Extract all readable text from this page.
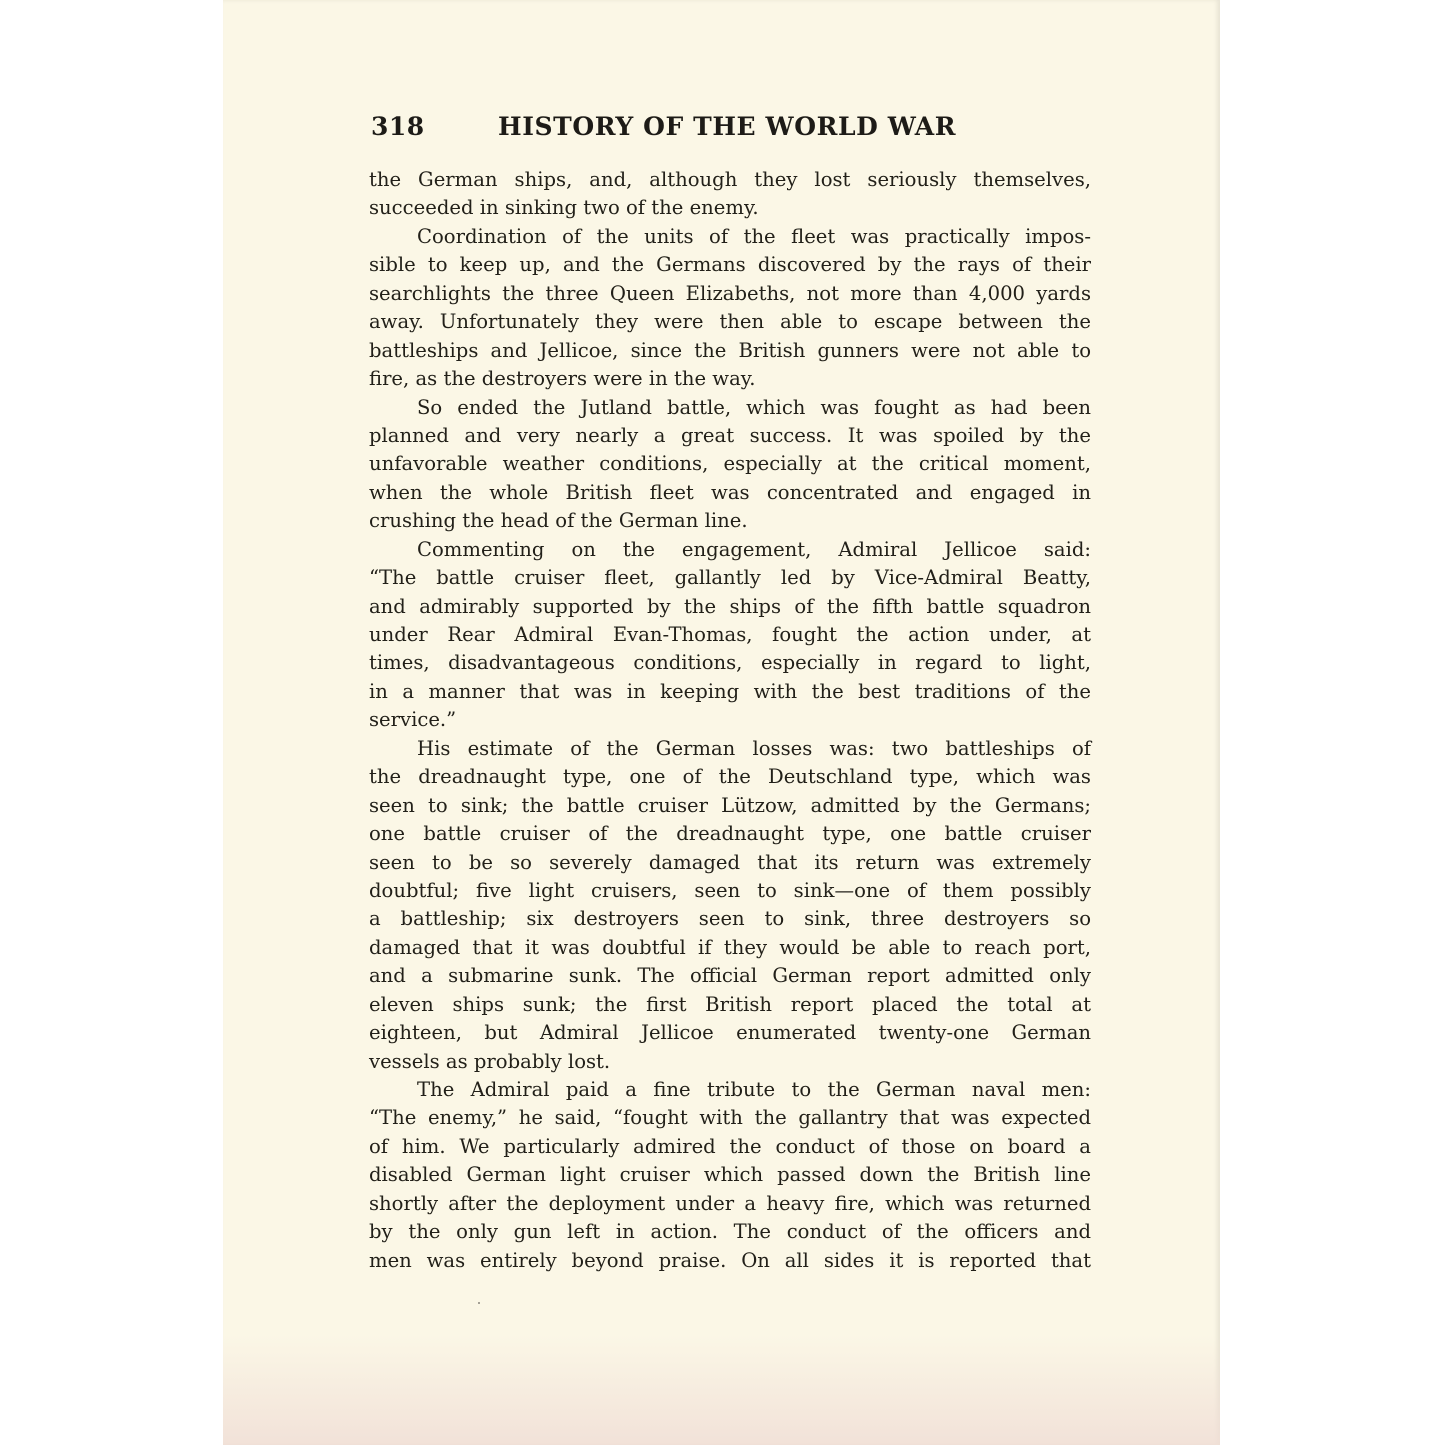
318	HISTORY OF THE WORLD WAR
the German ships, and, although they lost seriously themselves,
succeeded in sinking two of the enemy.
Coordination of the units of the fleet was practically impos-
sible to keep up, and the Germans discovered by the rays of their
searchlights the three Queen Elizabeths, not more than 4,000 yards
away. Unfortunately they were then able to escape between the
battleships and Jellicoe, since the British gunners were not able to
fire, as the destroyers were in the way.
So ended the Jutland battle, which was fought as had been
planned and very nearly a great success. It was spoiled by the
unfavorable weather conditions, especially at the critical moment,
when the whole British fleet was concentrated and engaged in
crushing the head of the German line.
Commenting on the engagement, Admiral Jellicoe said:
“The battle cruiser fleet, gallantly led by Vice-Admiral Beatty,
and admirably supported by the ships of the fifth battle squadron
under Rear Admiral Evan-Thomas, fought the action under, at
times, disadvantageous conditions, especially in regard to light,
in a manner that was in keeping with the best traditions of the
service.”
His estimate of the German losses was: two battleships of
the dreadnaught type, one of the Deutschland type, which was
seen to sink; the battle cruiser Lützow, admitted by the Germans;
one battle cruiser of the dreadnaught type, one battle cruiser
seen to be so severely damaged that its return was extremely
doubtful; five light cruisers, seen to sink—one of them possibly
a battleship; six destroyers seen to sink, three destroyers so
damaged that it was doubtful if they would be able to reach port,
and a submarine sunk. The official German report admitted only
eleven ships sunk; the first British report placed the total at
eighteen, but Admiral Jellicoe enumerated twenty-one German
vessels as probably lost.
The Admiral paid a fine tribute to the German naval men:
“The enemy,” he said, “fought with the gallantry that was expected
of him. We particularly admired the conduct of those on board a
disabled German light cruiser which passed down the British line
shortly after the deployment under a heavy fire, which was returned
by the only gun left in action. The conduct of the officers and
men was entirely beyond praise. On all sides it is reported that
